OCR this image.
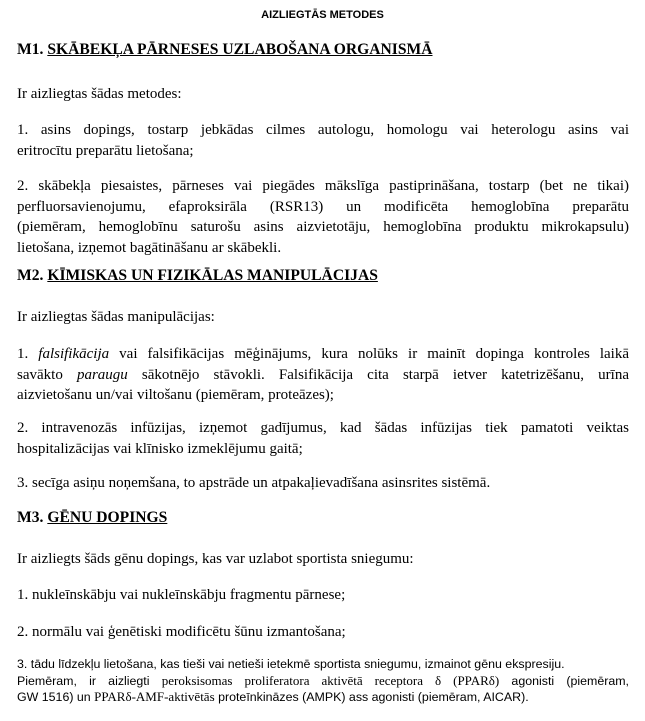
AIZLIEGTĀS METODES
M1. SKĀBEKĻA PĀRNESES UZLABOŠANA ORGANISMĀ
Ir aizliegtas šādas metodes:
1. asins dopings, tostarp jebkādas cilmes autologu, homologu vai heterologu asins vai
eritrocītu preparātu lietošana;
2. skābekļa piesaistes, pārneses vai piegādes mākslīga pastiprināšana, tostarp (bet ne tikai)
perfluorsavienojumu, efaproksirāla (RSR13) un modificēta hemoglobīna preparātu
(piemēram, hemoglobīnu saturošu asins aizvietotāju, hemoglobīna produktu mikrokapsulu)
lietošana, izņemot bagātināšanu ar skābekli.
M2. KĪMISKAS UN FIZIKĀLAS MANIPULĀCIJAS
Ir aizliegtas šādas manipulācijas:
1. falsifikācija vai falsifikācijas mēģinājums, kura nolūks ir mainīt dopinga kontroles laikā
savākto paraugu sākotnējo stāvokli. Falsifikācija cita starpā ietver katetrizēšanu, urīna
aizvietošanu un/vai viltošanu (piemēram, proteāzes);
2. intravenozās infūzijas, izņemot gadījumus, kad šādas infūzijas tiek pamatoti veiktas
hospitalizācijas vai klīnisko izmeklējumu gaitā;
3. secīga asiņu noņemšana, to apstrāde un atpakaļievadīšana asinsrites sistēmā.
M3. GĒNU DOPINGS
Ir aizliegts šāds gēnu dopings, kas var uzlabot sportista sniegumu:
1. nukleīnskābju vai nukleīnskābju fragmentu pārnese;
2. normālu vai ģenētiski modificētu šūnu izmantošana;
3. tādu līdzekļu lietošana, kas tieši vai netieši ietekmē sportista sniegumu, izmainot gēnu ekspresiju.
Piemēram, ir aizliegti peroksisomas proliferatora aktivētā receptora δ (PPARδ) agonisti (piemēram,
GW 1516) un PPARδ-AMF-aktivētās proteīnkināzes (AMPK) ass agonisti (piemēram, AICAR).
